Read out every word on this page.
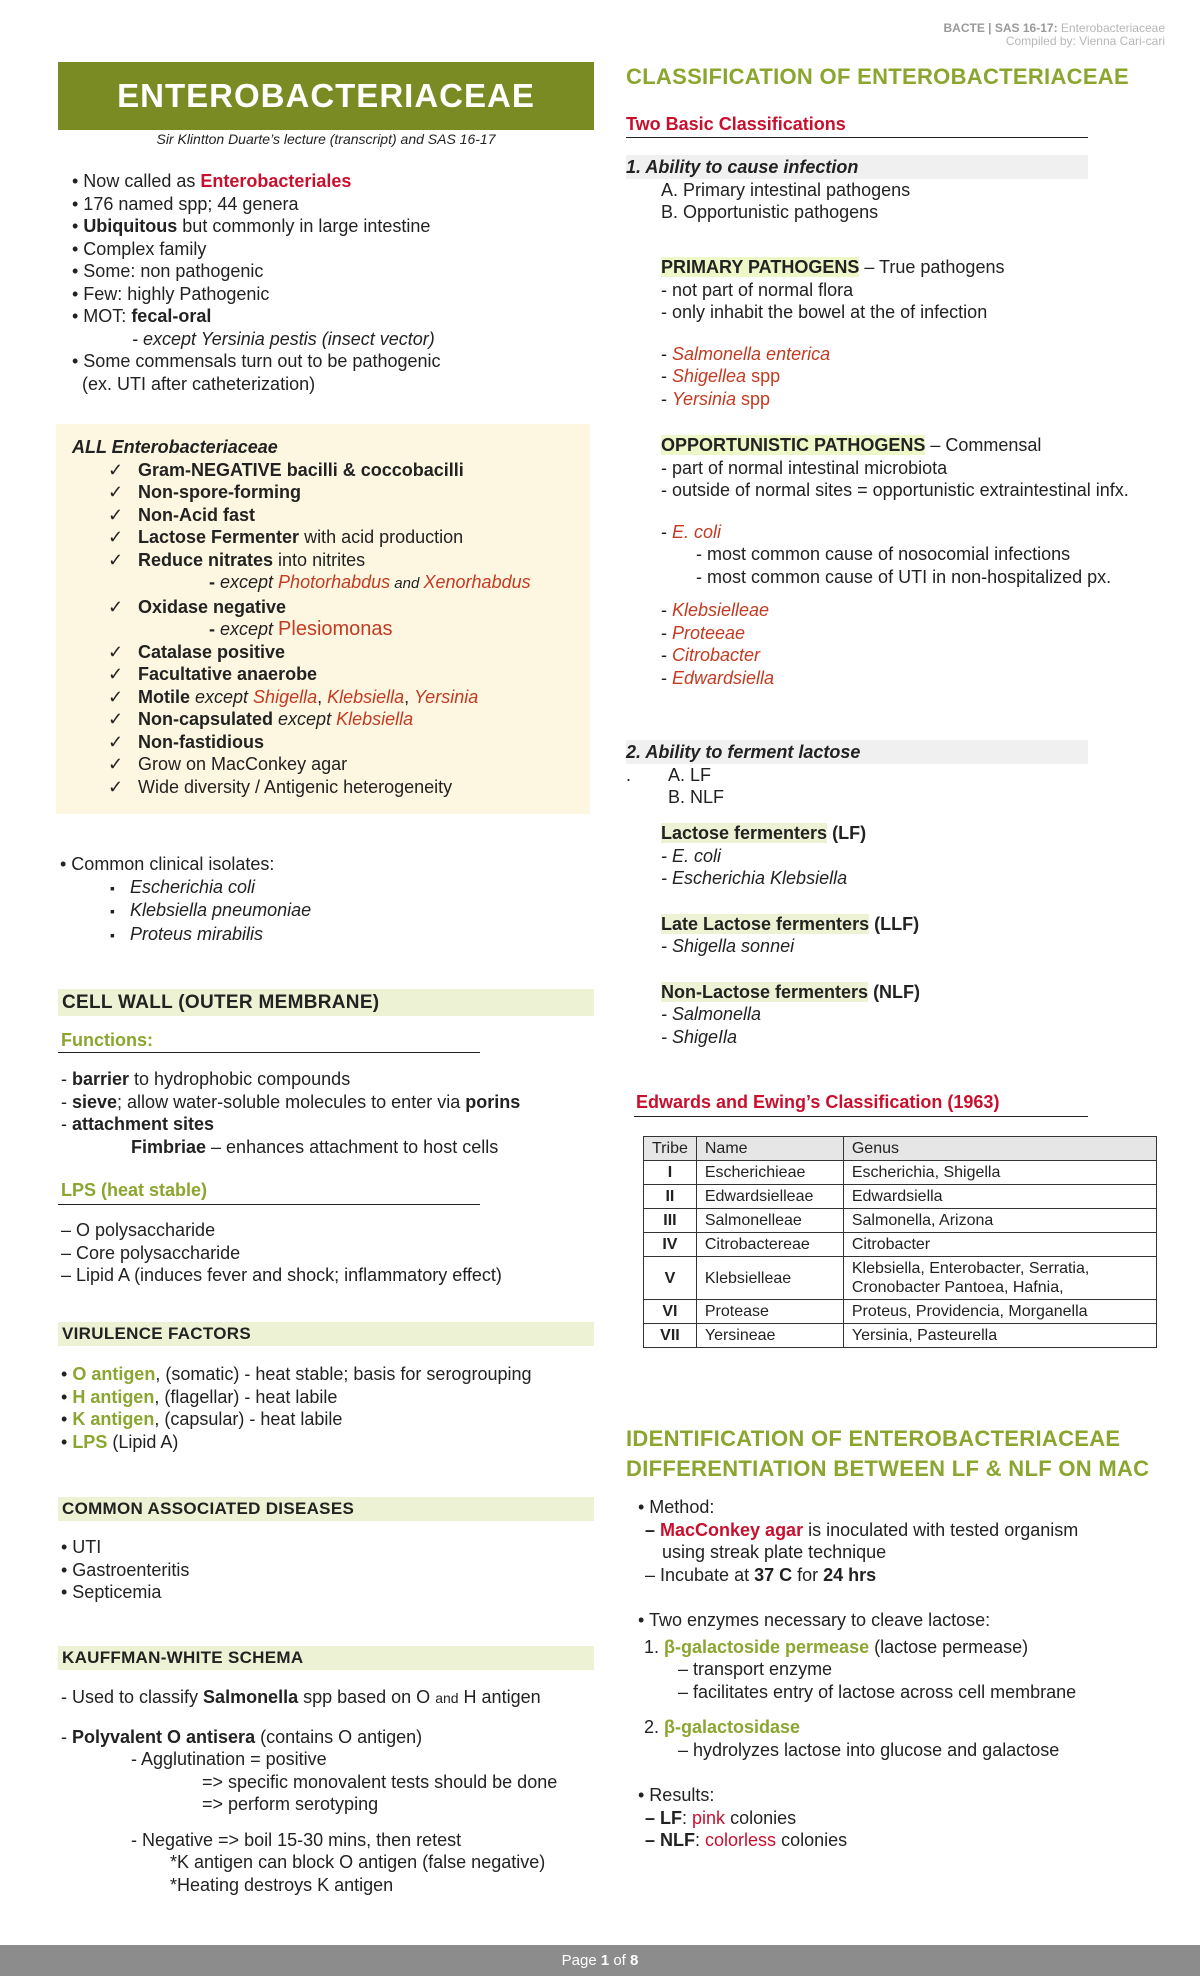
BACTE | SAS 16-17: Enterobacteriaceae
Compiled by: Vienna Cari-cari
ENTEROBACTERIACEAE
Sir Klintton Duarte’s lecture (transcript) and SAS 16-17
• Now called as Enterobacteriales
• 176 named spp; 44 genera
• Ubiquitous but commonly in large intestine
• Complex family
• Some: non pathogenic
• Few: highly Pathogenic
• MOT: fecal-oral
- except Yersinia pestis (insect vector)
• Some commensals turn out to be pathogenic
(ex. UTI after catheterization)
ALL Enterobacteriaceae
✓ Gram-NEGATIVE bacilli & coccobacilli
✓ Non-spore-forming
✓ Non-Acid fast
✓ Lactose Fermenter with acid production
✓ Reduce nitrates into nitrites
- except Photorhabdus and Xenorhabdus
✓ Oxidase negative
- except Plesiomonas
✓ Catalase positive
✓ Facultative anaerobe
✓ Motile except Shigella, Klebsiella, Yersinia
✓ Non-capsulated except Klebsiella
✓ Non-fastidious
✓ Grow on MacConkey agar
✓ Wide diversity / Antigenic heterogeneity
• Common clinical isolates:
▪ Escherichia coli
▪ Klebsiella pneumoniae
▪ Proteus mirabilis
CELL WALL (OUTER MEMBRANE)
Functions:
- barrier to hydrophobic compounds
- sieve; allow water-soluble molecules to enter via porins
- attachment sites
Fimbriae – enhances attachment to host cells
LPS (heat stable)
– O polysaccharide
– Core polysaccharide
– Lipid A (induces fever and shock; inflammatory effect)
VIRULENCE FACTORS
• O antigen, (somatic) - heat stable; basis for serogrouping
• H antigen, (flagellar) - heat labile
• K antigen, (capsular) - heat labile
• LPS (Lipid A)
COMMON ASSOCIATED DISEASES
• UTI
• Gastroenteritis
• Septicemia
KAUFFMAN-WHITE SCHEMA
- Used to classify Salmonella spp based on O and H antigen
- Polyvalent O antisera (contains O antigen)
- Agglutination = positive
=> specific monovalent tests should be done
=> perform serotyping
- Negative => boil 15-30 mins, then retest
*K antigen can block O antigen (false negative)
*Heating destroys K antigen
CLASSIFICATION OF ENTEROBACTERIACEAE
Two Basic Classifications
1. Ability to cause infection
A. Primary intestinal pathogens
B. Opportunistic pathogens
PRIMARY PATHOGENS – True pathogens
- not part of normal flora
- only inhabit the bowel at the of infection
- Salmonella enterica
- Shigellea spp
- Yersinia spp
OPPORTUNISTIC PATHOGENS – Commensal
- part of normal intestinal microbiota
- outside of normal sites = opportunistic extraintestinal infx.
- E. coli
- most common cause of nosocomial infections
- most common cause of UTI in non-hospitalized px.
- Klebsielleae
- Proteeae
- Citrobacter
- Edwardsiella
2. Ability to ferment lactose
. A. LF
B. NLF
Lactose fermenters (LF)
- E. coli
- Escherichia Klebsiella
Late Lactose fermenters (LLF)
- Shigella sonnei
Non-Lactose fermenters (NLF)
- Salmonella
- ShigeIla
Edwards and Ewing’s Classification (1963)
Tribe	Name	Genus
I	Escherichieae	Escherichia, Shigella
II	Edwardsielleae	Edwardsiella
III	Salmonelleae	Salmonella, Arizona
IV	Citrobactereae	Citrobacter
V	Klebsielleae	Klebsiella, Enterobacter, Serratia, Cronobacter Pantoea, Hafnia,
VI	Protease	Proteus, Providencia, Morganella
VII	Yersineae	Yersinia, Pasteurella
IDENTIFICATION OF ENTEROBACTERIACEAE
DIFFERENTIATION BETWEEN LF & NLF ON MAC
• Method:
– MacConkey agar is inoculated with tested organism
using streak plate technique
– Incubate at 37 C for 24 hrs
• Two enzymes necessary to cleave lactose:
1. β-galactoside permease (lactose permease)
– transport enzyme
– facilitates entry of lactose across cell membrane
2. β-galactosidase
– hydrolyzes lactose into glucose and galactose
• Results:
– LF: pink colonies
– NLF: colorless colonies
Page 1 of 8
